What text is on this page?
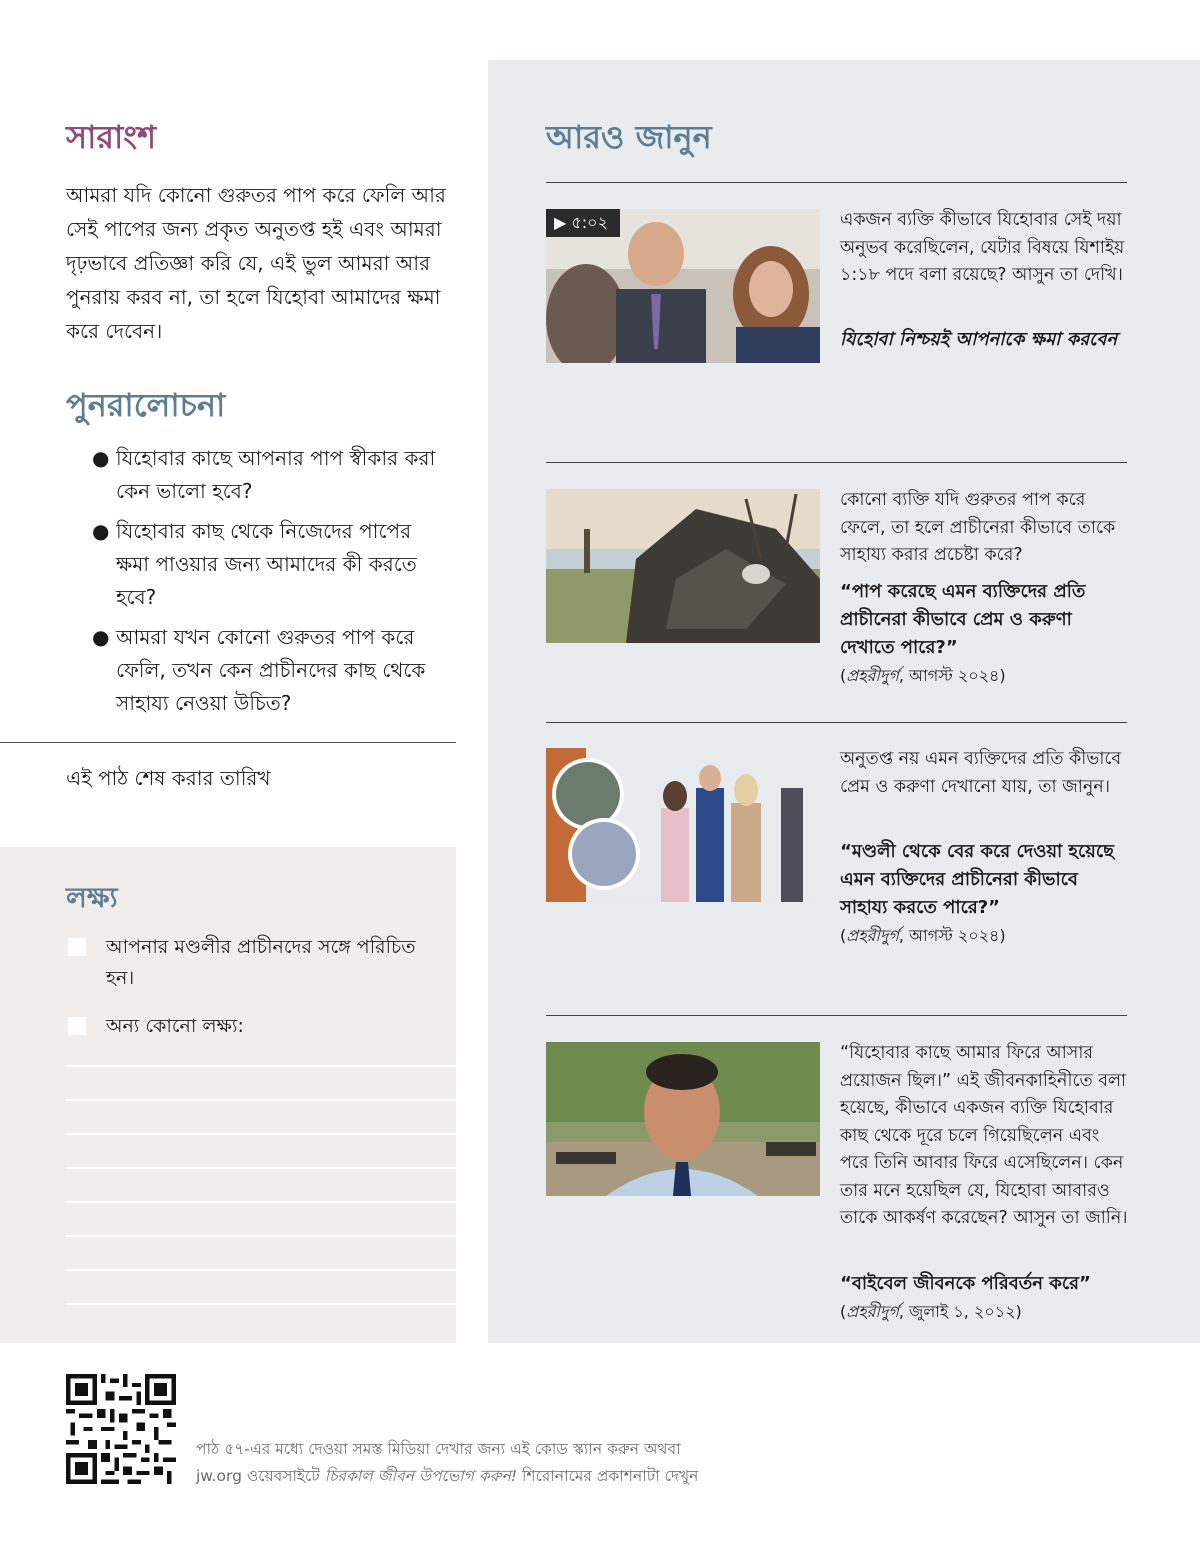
সারাংশ

আমরা যদি কোনো গুরুতর পাপ করে ফেলি আর সেই পাপের জন্য প্রকৃত অনুতপ্ত হই এবং আমরা দৃঢ়ভাবে প্রতিজ্ঞা করি যে, এই ভুল আমরা আর পুনরায় করব না, তা হলে যিহোবা আমাদের ক্ষমা করে দেবেন।

পুনরালোচনা
● যিহোবার কাছে আপনার পাপ স্বীকার করা কেন ভালো হবে?
● যিহোবার কাছ থেকে নিজেদের পাপের ক্ষমা পাওয়ার জন্য আমাদের কী করতে হবে?
● আমরা যখন কোনো গুরুতর পাপ করে ফেলি, তখন কেন প্রাচীনদের কাছ থেকে সাহায্য নেওয়া উচিত?
এই পাঠ শেষ করার তারিখ
লক্ষ্য
আপনার মণ্ডলীর প্রাচীনদের সঙ্গে পরিচিত হন।
অন্য কোনো লক্ষ্য:
আরও জানুন
▶ ৫:০২	একজন ব্যক্তি কীভাবে যিহোবার সেই দয়া অনুভব করেছিলেন, যেটার বিষয়ে যিশাইয় ১:১৮ পদে বলা রয়েছে? আসুন তা দেখি।

যিহোবা নিশ্চয়ই আপনাকে ক্ষমা করবেন

কোনো ব্যক্তি যদি গুরুতর পাপ করে ফেলে, তা হলে প্রাচীনেরা কীভাবে তাকে সাহায্য করার প্রচেষ্টা করে?

“পাপ করেছে এমন ব্যক্তিদের প্রতি প্রাচীনেরা কীভাবে প্রেম ও করুণা দেখাতে পারে?”

(প্রহরীদুর্গ, আগস্ট ২০২৪)

অনুতপ্ত নয় এমন ব্যক্তিদের প্রতি কীভাবে প্রেম ও করুণা দেখানো যায়, তা জানুন।

“মণ্ডলী থেকে বের করে দেওয়া হয়েছে এমন ব্যক্তিদের প্রাচীনেরা কীভাবে সাহায্য করতে পারে?”

(প্রহরীদুর্গ, আগস্ট ২০২৪)

“যিহোবার কাছে আমার ফিরে আসার প্রয়োজন ছিল।” এই জীবনকাহিনীতে বলা হয়েছে, কীভাবে একজন ব্যক্তি যিহোবার কাছ থেকে দূরে চলে গিয়েছিলেন এবং পরে তিনি আবার ফিরে এসেছিলেন। কেন তার মনে হয়েছিল যে, যিহোবা আবারও তাকে আকর্ষণ করেছেন? আসুন তা জানি।

“বাইবেল জীবনকে পরিবর্তন করে”

(প্রহরীদুর্গ, জুলাই ১, ২০১২)

পাঠ ৫৭-এর মধ্যে দেওয়া সমস্ত মিডিয়া দেখার জন্য এই কোড স্ক্যান করুন অথবা
jw.org ওয়েবসাইটে চিরকাল জীবন উপভোগ করুন! শিরোনামের প্রকাশনাটা দেখুন
